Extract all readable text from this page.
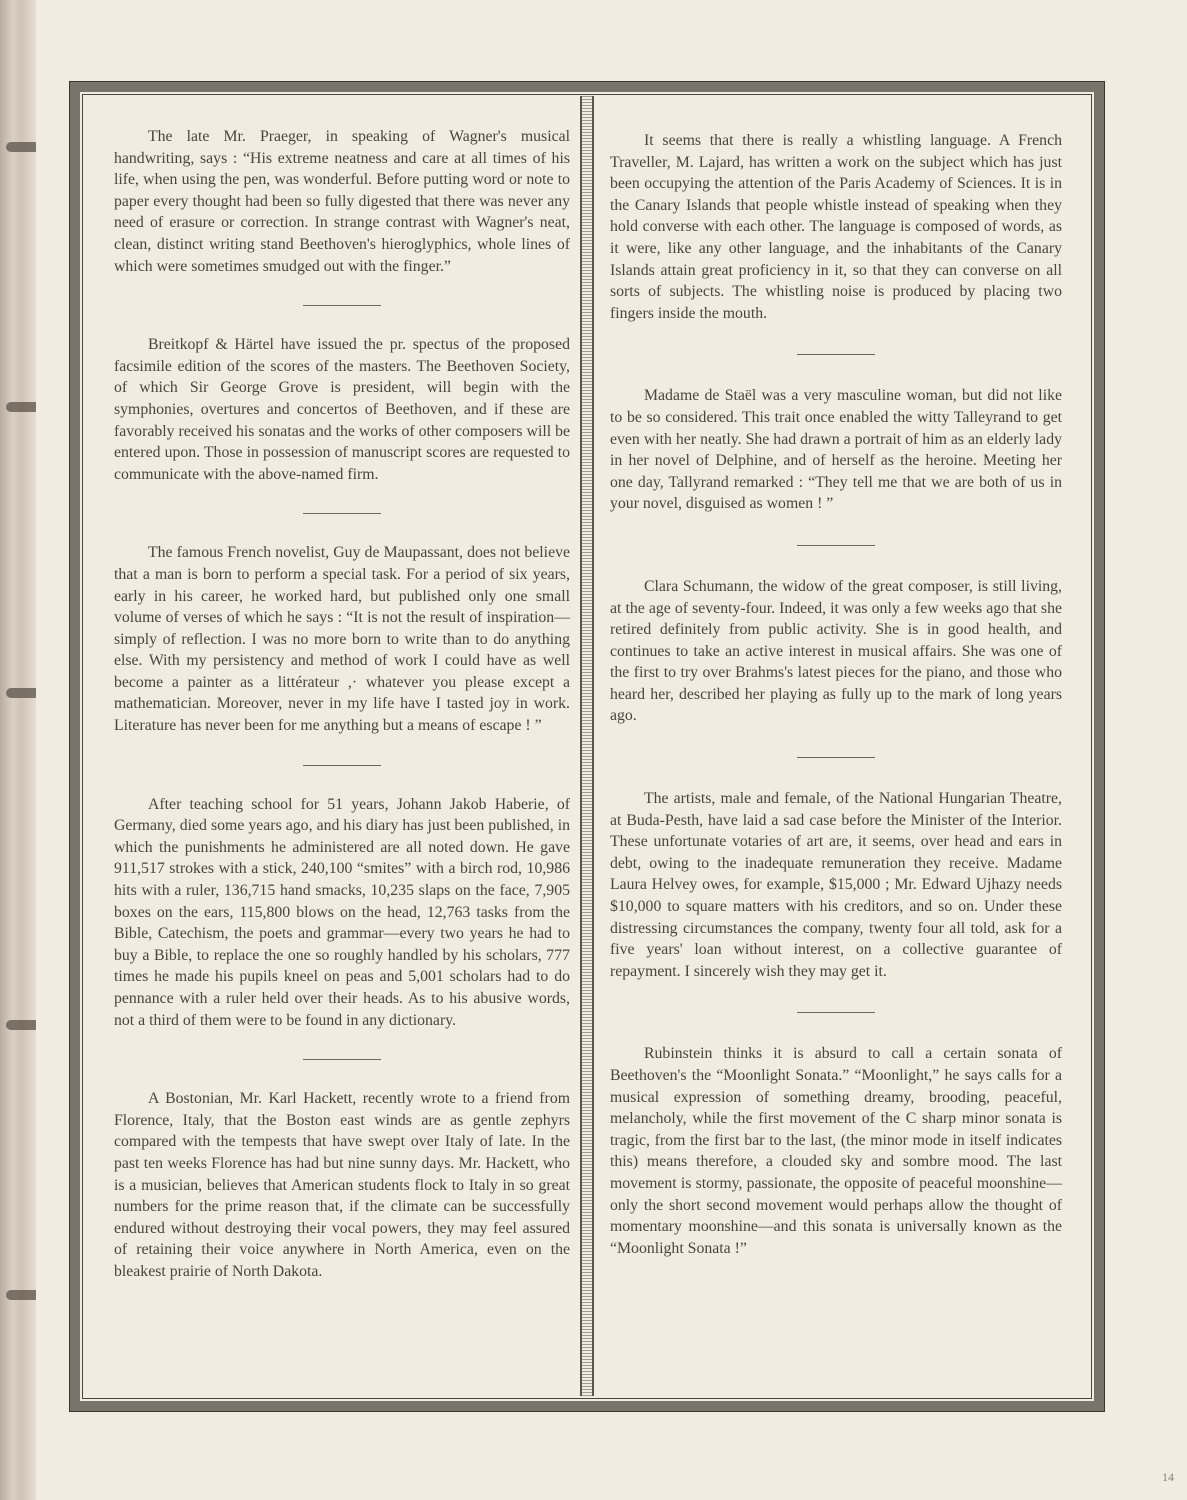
The late Mr. Praeger, in speaking of Wagner's musical handwriting, says : “His extreme neatness and care at all times of his life, when using the pen, was wonderful. Before putting word or note to paper every thought had been so fully digested that there was never any need of erasure or correction. In strange contrast with Wagner's neat, clean, distinct writing stand Beethoven's hieroglyphics, whole lines of which were sometimes smudged out with the finger.”

Breitkopf & Härtel have issued the pr. spectus of the proposed facsimile edition of the scores of the masters. The Beethoven Society, of which Sir George Grove is president, will begin with the symphonies, overtures and concertos of Beethoven, and if these are favorably received his sonatas and the works of other composers will be entered upon. Those in possession of manuscript scores are requested to communicate with the above-named firm.

The famous French novelist, Guy de Maupassant, does not believe that a man is born to perform a special task. For a period of six years, early in his career, he worked hard, but published only one small volume of verses of which he says : “It is not the result of inspiration—simply of reflection. I was no more born to write than to do anything else. With my persistency and method of work I could have as well become a painter as a littérateur ,· whatever you please except a mathematician. Moreover, never in my life have I tasted joy in work. Literature has never been for me anything but a means of escape ! ”

After teaching school for 51 years, Johann Jakob Haberie, of Germany, died some years ago, and his diary has just been published, in which the punishments he administered are all noted down. He gave 911,517 strokes with a stick, 240,100 “smites” with a birch rod, 10,986 hits with a ruler, 136,715 hand smacks, 10,235 slaps on the face, 7,905 boxes on the ears, 115,800 blows on the head, 12,763 tasks from the Bible, Catechism, the poets and grammar—every two years he had to buy a Bible, to replace the one so roughly handled by his scholars, 777 times he made his pupils kneel on peas and 5,001 scholars had to do pennance with a ruler held over their heads. As to his abusive words, not a third of them were to be found in any dictionary.

A Bostonian, Mr. Karl Hackett, recently wrote to a friend from Florence, Italy, that the Boston east winds are as gentle zephyrs compared with the tempests that have swept over Italy of late. In the past ten weeks Florence has had but nine sunny days. Mr. Hackett, who is a musician, believes that American students flock to Italy in so great numbers for the prime reason that, if the climate can be successfully endured without destroying their vocal powers, they may feel assured of retaining their voice anywhere in North America, even on the bleakest prairie of North Dakota.

It seems that there is really a whistling language. A French Traveller, M. Lajard, has written a work on the subject which has just been occupying the attention of the Paris Academy of Sciences. It is in the Canary Islands that people whistle instead of speaking when they hold converse with each other. The language is composed of words, as it were, like any other language, and the inhabitants of the Canary Islands attain great proficiency in it, so that they can converse on all sorts of subjects. The whistling noise is produced by placing two fingers inside the mouth.

Madame de Staël was a very masculine woman, but did not like to be so considered. This trait once enabled the witty Talleyrand to get even with her neatly. She had drawn a portrait of him as an elderly lady in her novel of Delphine, and of herself as the heroine. Meeting her one day, Tallyrand remarked : “They tell me that we are both of us in your novel, disguised as women ! ”

Clara Schumann, the widow of the great composer, is still living, at the age of seventy-four. Indeed, it was only a few weeks ago that she retired definitely from public activity. She is in good health, and continues to take an active interest in musical affairs. She was one of the first to try over Brahms's latest pieces for the piano, and those who heard her, described her playing as fully up to the mark of long years ago.

The artists, male and female, of the National Hungarian Theatre, at Buda-Pesth, have laid a sad case before the Minister of the Interior. These unfortunate votaries of art are, it seems, over head and ears in debt, owing to the inadequate remuneration they receive. Madame Laura Helvey owes, for example, $15,000 ; Mr. Edward Ujhazy needs $10,000 to square matters with his creditors, and so on. Under these distressing circumstances the company, twenty four all told, ask for a five years' loan without interest, on a collective guarantee of repayment. I sincerely wish they may get it.

Rubinstein thinks it is absurd to call a certain sonata of Beethoven's the “Moonlight Sonata.” “Moonlight,” he says calls for a musical expression of something dreamy, brooding, peaceful, melancholy, while the first movement of the C sharp minor sonata is tragic, from the first bar to the last, (the minor mode in itself indicates this) means therefore, a clouded sky and sombre mood. The last movement is stormy, passionate, the opposite of peaceful moonshine—only the short second movement would perhaps allow the thought of momentary moonshine—and this sonata is universally known as the “Moonlight Sonata !”

14
